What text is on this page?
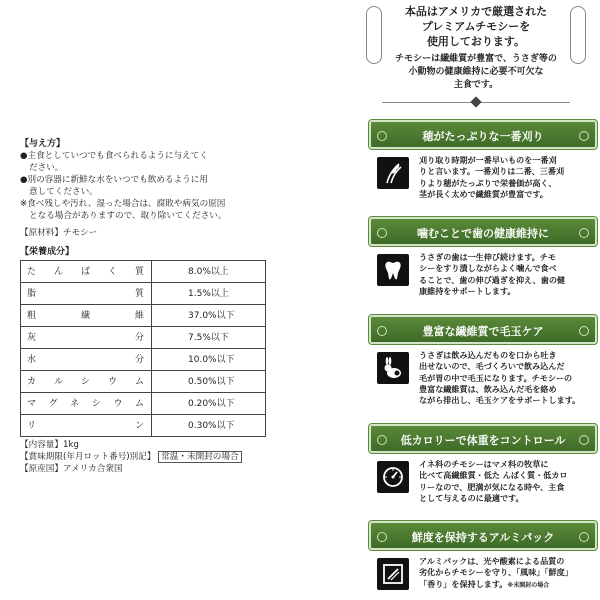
【与え方】

●主食としていつでも食べられるように与えてく

ださい。

●別の容器に新鮮な水をいつでも飲めるように用

意してください。

※食べ残しや汚れ、湿った場合は、腐敗や病気の原因

となる場合がありますので、取り除いてください。

【原材料】チモシー
【栄養成分】
たんぱく質	8.0%以上
脂質	1.5%以上
粗繊維	37.0%以下
灰分	7.5%以下
水分	10.0%以下
カルシウム	0.50%以下
マグネシウム	0.20%以下
リン	0.30%以下
【内容量】1kg
【賞味期限(年月ロット番号)別記】 常温・未開封の場合
【原産国】アメリカ合衆国
本品はアメリカで厳選された
プレミアムチモシーを
使用しております。
チモシーは繊維質が豊富で、うさぎ等の
小動物の健康維持に必要不可欠な
主食です。
穂がたっぷりな一番刈り
刈り取り時期が一番早いものを一番刈
りと言います。一番刈りは二番、三番刈
りより穂がたっぷりで栄養価が高く、
茎が長く太めで繊維質が豊富です。
噛むことで歯の健康維持に
うさぎの歯は一生伸び続けます。チモ
シーをすり潰しながらよく噛んで食べ
ることで、歯の伸び過ぎを抑え、歯の健
康維持をサポートします。
豊富な繊維質で毛玉ケア
うさぎは飲み込んだものを口から吐き
出せないので、毛づくろいで飲み込んだ
毛が胃の中で毛玉になります。チモシーの
豊富な繊維質は、飲み込んだ毛を絡め
ながら排出し、毛玉ケアをサポートします。
低カロリーで体重をコントロール
イネ科のチモシーはマメ科の牧草に
比べて高繊維質・低た んぱく質・低カロ
リーなので、肥満が気になる時や、主食
として与えるのに最適です。
鮮度を保持するアルミパック
アルミパックは、光や酸素による品質の
劣化からチモシーを守り、「風味」「鮮度」
「香り」を保持します。※未開封の場合
